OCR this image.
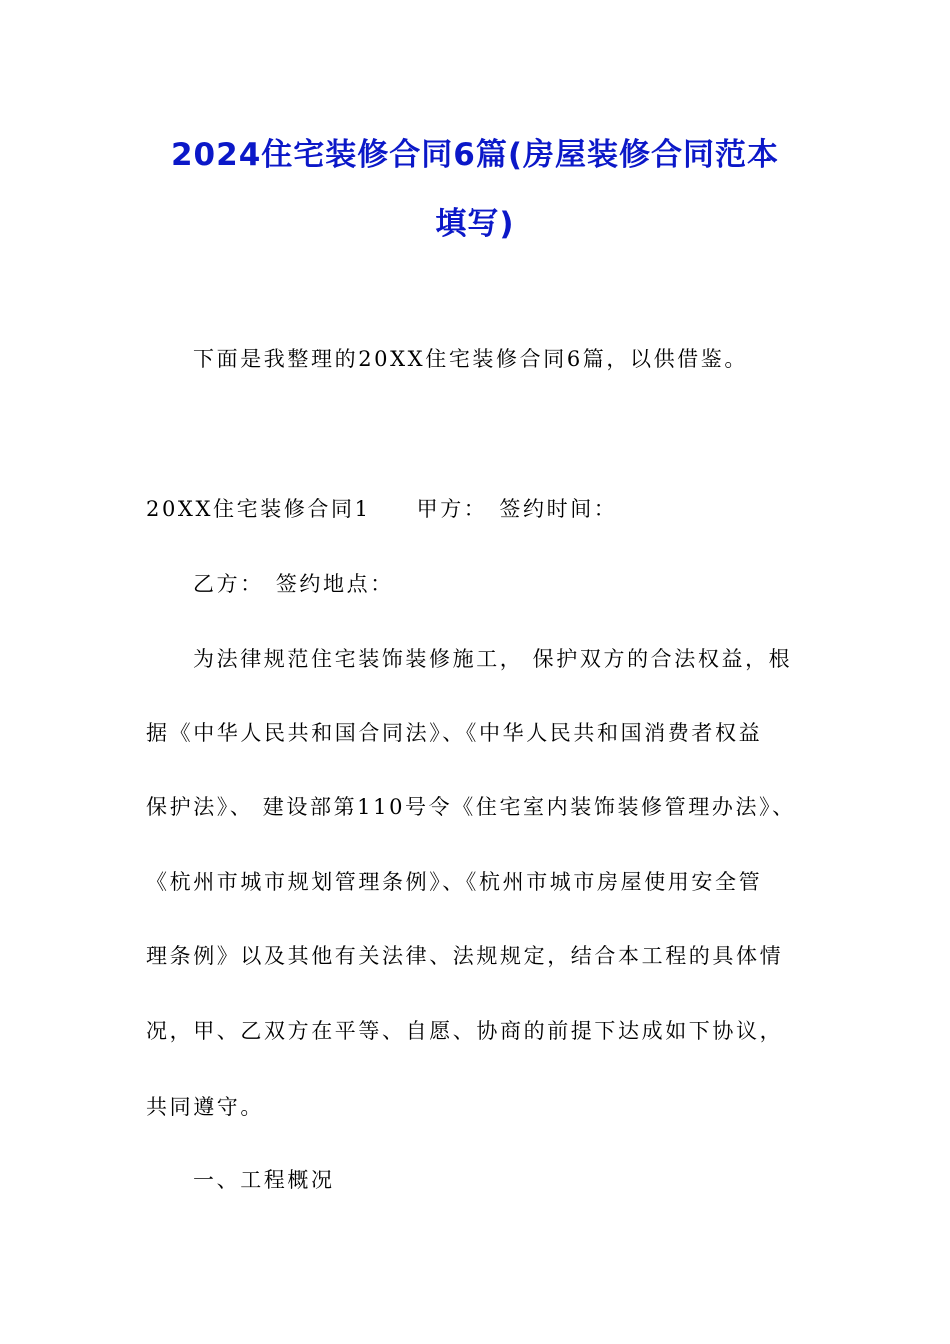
2024住宅装修合同6篇(房屋装修合同范本
填写)
下面是我整理的20XX住宅装修合同6篇，以供借鉴。
20XX住宅装修合同1 甲方： 签约时间：
乙方： 签约地点：
为法律规范住宅装饰装修施工， 保护双方的合法权益，根
据《中华人民共和国合同法》、《中华人民共和国消费者权益
保护法》、 建设部第110号令《住宅室内装饰装修管理办法》、
《杭州市城市规划管理条例》、《杭州市城市房屋使用安全管
理条例》以及其他有关法律、法规规定，结合本工程的具体情
况，甲、乙双方在平等、自愿、协商的前提下达成如下协议，
共同遵守。
一、工程概况
